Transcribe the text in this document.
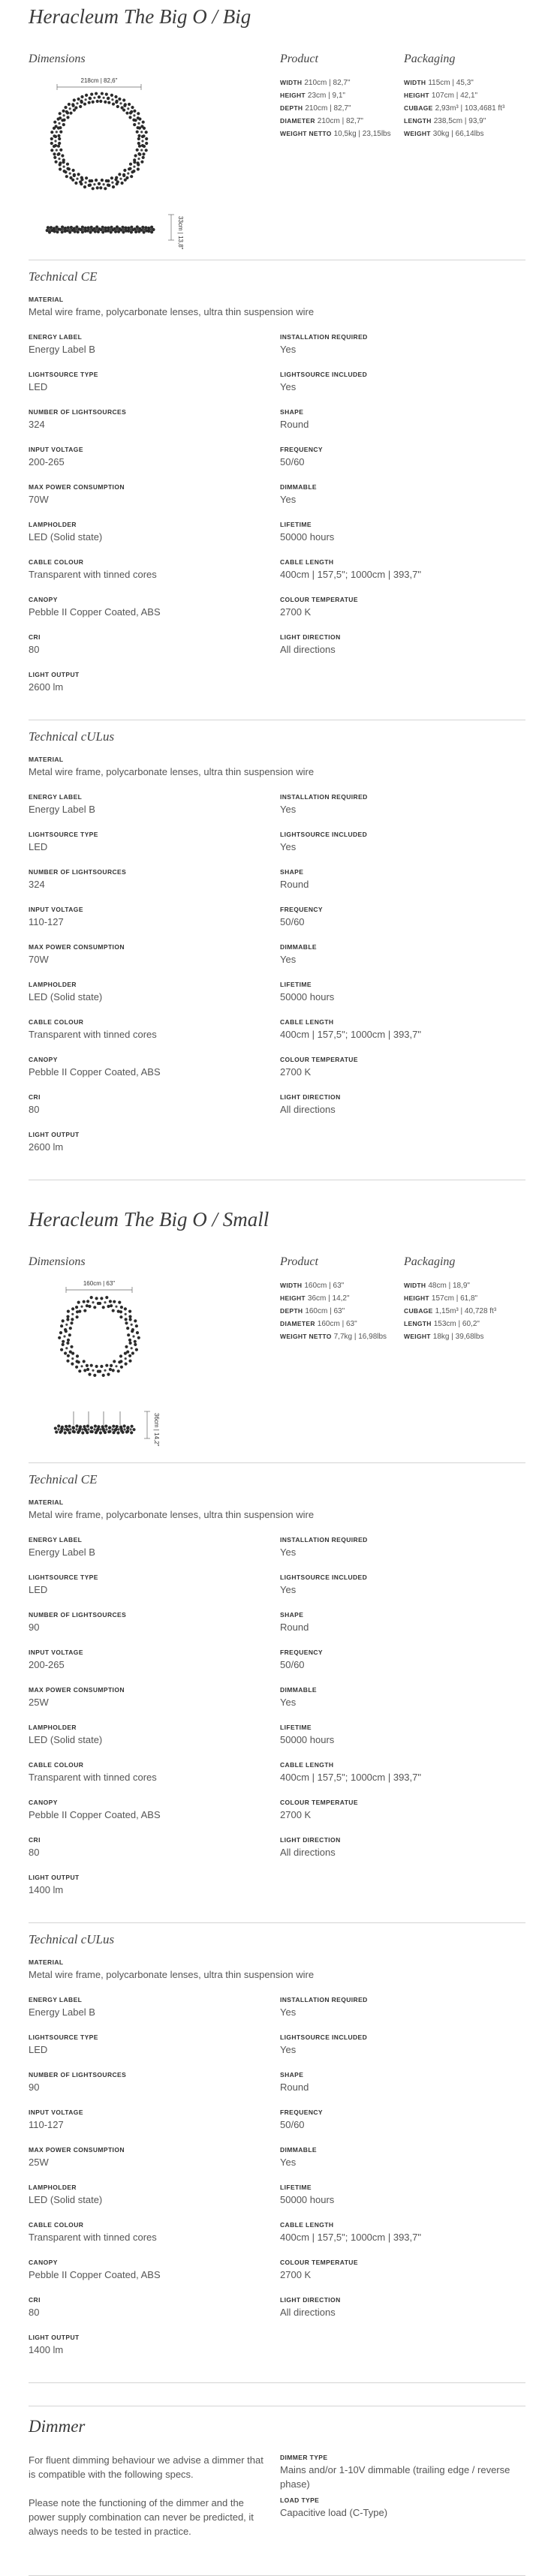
Heracleum The Big O / Big
Dimensions
218cm | 82,6"
33cm | 13,8"
Product
WIDTH 210cm | 82,7"
HEIGHT 23cm | 9,1"
DEPTH 210cm | 82,7"
DIAMETER 210cm | 82,7"
WEIGHT NETTO 10,5kg | 23,15lbs
Packaging
WIDTH 115cm | 45,3"
HEIGHT 107cm | 42,1"
CUBAGE 2,93m³ | 103,4681 ft³
LENGTH 238,5cm | 93,9"
WEIGHT 30kg | 66,14lbs
Technical CE
MATERIAL
Metal wire frame, polycarbonate lenses, ultra thin suspension wire
ENERGY LABEL
Energy Label B
INSTALLATION REQUIRED
Yes
LIGHTSOURCE TYPE
LED
LIGHTSOURCE INCLUDED
Yes
NUMBER OF LIGHTSOURCES
324
SHAPE
Round
INPUT VOLTAGE
200-265
FREQUENCY
50/60
MAX POWER CONSUMPTION
70W
DIMMABLE
Yes
LAMPHOLDER
LED (Solid state)
LIFETIME
50000 hours
CABLE COLOUR
Transparent with tinned cores
CABLE LENGTH
400cm | 157,5"; 1000cm | 393,7"
CANOPY
Pebble II Copper Coated, ABS
COLOUR TEMPERATUE
2700 K
CRI
80
LIGHT DIRECTION
All directions
LIGHT OUTPUT
2600 lm
Technical cULus
MATERIAL
Metal wire frame, polycarbonate lenses, ultra thin suspension wire
ENERGY LABEL
Energy Label B
INSTALLATION REQUIRED
Yes
LIGHTSOURCE TYPE
LED
LIGHTSOURCE INCLUDED
Yes
NUMBER OF LIGHTSOURCES
324
SHAPE
Round
INPUT VOLTAGE
110-127
FREQUENCY
50/60
MAX POWER CONSUMPTION
70W
DIMMABLE
Yes
LAMPHOLDER
LED (Solid state)
LIFETIME
50000 hours
CABLE COLOUR
Transparent with tinned cores
CABLE LENGTH
400cm | 157,5"; 1000cm | 393,7"
CANOPY
Pebble II Copper Coated, ABS
COLOUR TEMPERATUE
2700 K
CRI
80
LIGHT DIRECTION
All directions
LIGHT OUTPUT
2600 lm
Heracleum The Big O / Small
Dimensions
160cm | 63"
36cm | 14,2"
Product
WIDTH 160cm | 63"
HEIGHT 36cm | 14,2"
DEPTH 160cm | 63"
DIAMETER 160cm | 63"
WEIGHT NETTO 7,7kg | 16,98lbs
Packaging
WIDTH 48cm | 18,9"
HEIGHT 157cm | 61,8"
CUBAGE 1,15m³ | 40,728 ft³
LENGTH 153cm | 60,2"
WEIGHT 18kg | 39,68lbs
Technical CE
MATERIAL
Metal wire frame, polycarbonate lenses, ultra thin suspension wire
ENERGY LABEL
Energy Label B
INSTALLATION REQUIRED
Yes
LIGHTSOURCE TYPE
LED
LIGHTSOURCE INCLUDED
Yes
NUMBER OF LIGHTSOURCES
90
SHAPE
Round
INPUT VOLTAGE
200-265
FREQUENCY
50/60
MAX POWER CONSUMPTION
25W
DIMMABLE
Yes
LAMPHOLDER
LED (Solid state)
LIFETIME
50000 hours
CABLE COLOUR
Transparent with tinned cores
CABLE LENGTH
400cm | 157,5"; 1000cm | 393,7"
CANOPY
Pebble II Copper Coated, ABS
COLOUR TEMPERATUE
2700 K
CRI
80
LIGHT DIRECTION
All directions
LIGHT OUTPUT
1400 lm
Technical cULus
MATERIAL
Metal wire frame, polycarbonate lenses, ultra thin suspension wire
ENERGY LABEL
Energy Label B
INSTALLATION REQUIRED
Yes
LIGHTSOURCE TYPE
LED
LIGHTSOURCE INCLUDED
Yes
NUMBER OF LIGHTSOURCES
90
SHAPE
Round
INPUT VOLTAGE
110-127
FREQUENCY
50/60
MAX POWER CONSUMPTION
25W
DIMMABLE
Yes
LAMPHOLDER
LED (Solid state)
LIFETIME
50000 hours
CABLE COLOUR
Transparent with tinned cores
CABLE LENGTH
400cm | 157,5"; 1000cm | 393,7"
CANOPY
Pebble II Copper Coated, ABS
COLOUR TEMPERATUE
2700 K
CRI
80
LIGHT DIRECTION
All directions
LIGHT OUTPUT
1400 lm
Dimmer

For fluent dimming behaviour we advise a dimmer that is compatible with the following specs.

Please note the functioning of the dimmer and the power supply combination can never be predicted, it always needs to be tested in practice.

DIMMER TYPE
Mains and/or 1-10V dimmable (trailing edge / reverse phase)
LOAD TYPE
Capacitive load (C-Type)
